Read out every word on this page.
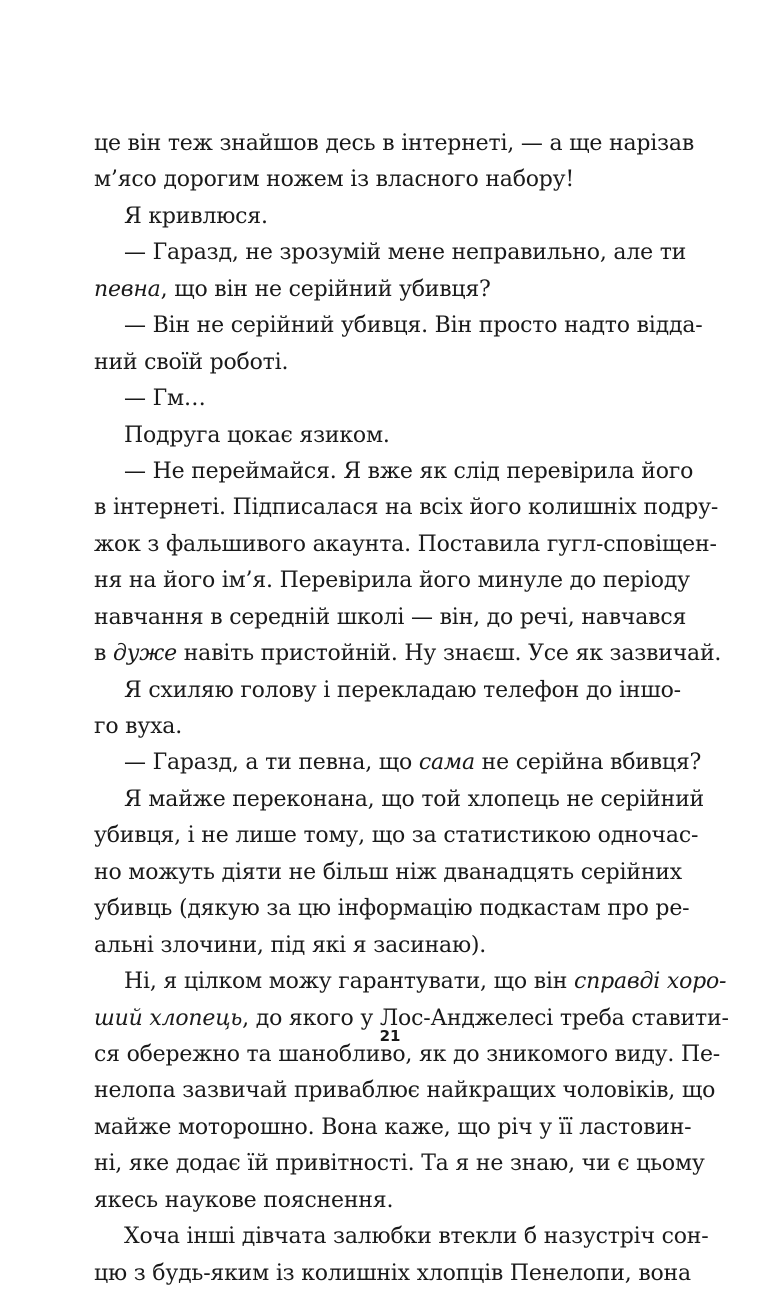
це він теж знайшов десь в інтернеті, — а ще нарізав
м’ясо дорогим ножем із власного набору!
Я кривлюся.
— Гаразд, не зрозумій мене неправильно, але ти
певна, що він не серійний убивця?
— Він не серійний убивця. Він просто надто відда-
ний своїй роботі.
— Гм…
Подруга цокає язиком.
— Не переймайся. Я вже як слід перевірила його
в інтернеті. Підписалася на всіх його колишніх подру-
жок з фальшивого акаунта. Поставила гугл-сповіщен-
ня на його ім’я. Перевірила його минуле до періоду
навчання в середній школі — він, до речі, навчався
в дуже навіть пристойній. Ну знаєш. Усе як зазвичай.
Я схиляю голову і перекладаю телефон до іншо-
го вуха.
— Гаразд, а ти певна, що сама не серійна вбивця?
Я майже переконана, що той хлопець не серійний
убивця, і не лише тому, що за статистикою одночас-
но можуть діяти не більш ніж дванадцять серійних
убивць (дякую за цю інформацію подкастам про ре-
альні злочини, під які я засинаю).
Ні, я цілком можу гарантувати, що він справді хоро-
ший хлопець, до якого у Лос-Анджелесі треба ставити-
ся обережно та шанобливо, як до зникомого виду. Пе-
нелопа зазвичай приваблює найкращих чоловіків, що
майже моторошно. Вона каже, що річ у її ластовин-
ні, яке додає їй привітності. Та я не знаю, чи є цьому
якесь наукове пояснення.
Хоча інші дівчата залюбки втекли б назустріч сон-
цю з будь-яким із колишніх хлопців Пенелопи, вона
21
